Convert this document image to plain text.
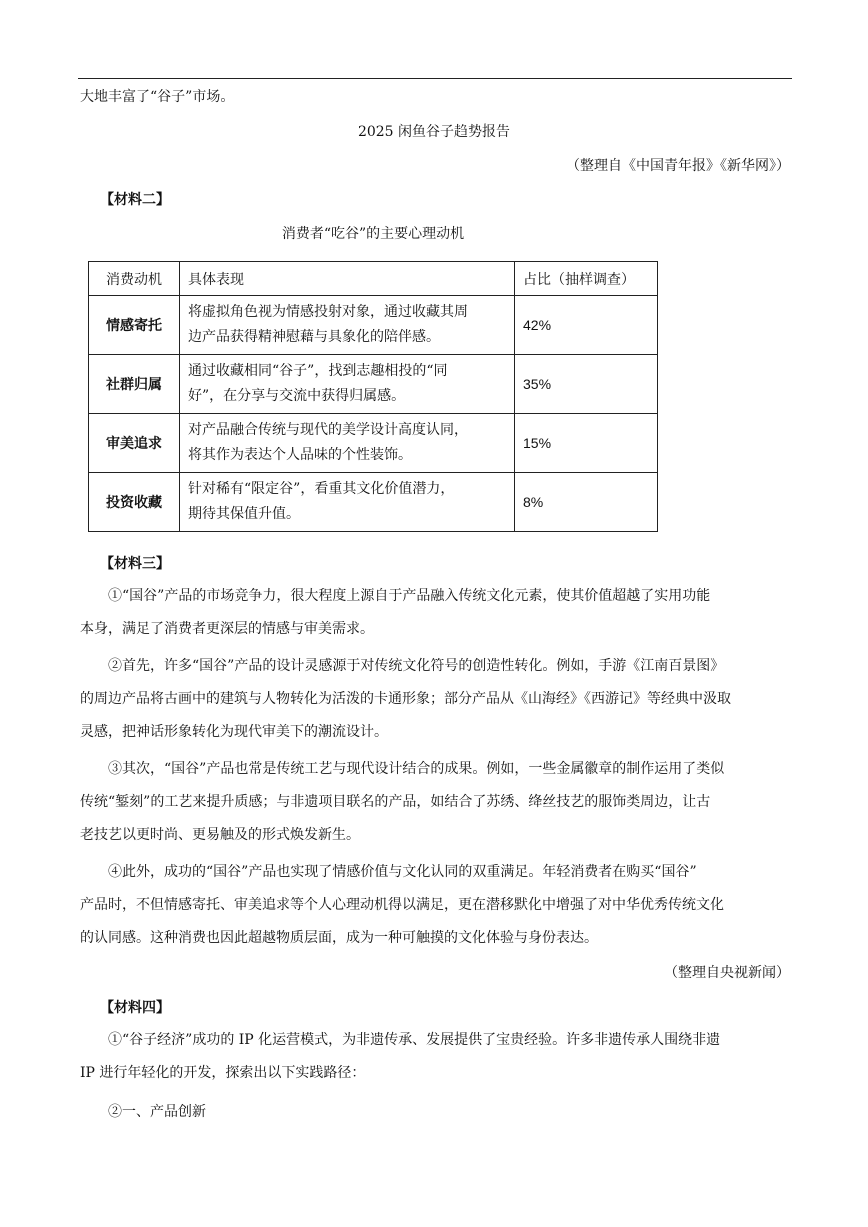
大地丰富了“谷子”市场。
2025 闲鱼谷子趋势报告
（整理自《中国青年报》《新华网》）
【材料二】
消费者“吃谷”的主要心理动机
消费动机	具体表现	占比（抽样调查）
情感寄托	将虚拟角色视为情感投射对象，通过收藏其周
边产品获得精神慰藉与具象化的陪伴感。	42%
社群归属	通过收藏相同“谷子”，找到志趣相投的“同
好”，在分享与交流中获得归属感。	35%
审美追求	对产品融合传统与现代的美学设计高度认同，
将其作为表达个人品味的个性装饰。	15%
投资收藏	针对稀有“限定谷”，看重其文化价值潜力，
期待其保值升值。	8%
【材料三】
①“国谷”产品的市场竞争力，很大程度上源自于产品融入传统文化元素，使其价值超越了实用功能
本身，满足了消费者更深层的情感与审美需求。
②首先，许多“国谷”产品的设计灵感源于对传统文化符号的创造性转化。例如，手游《江南百景图》
的周边产品将古画中的建筑与人物转化为活泼的卡通形象；部分产品从《山海经》《西游记》等经典中汲取
灵感，把神话形象转化为现代审美下的潮流设计。
③其次，“国谷”产品也常是传统工艺与现代设计结合的成果。例如，一些金属徽章的制作运用了类似
传统“錾刻”的工艺来提升质感；与非遗项目联名的产品，如结合了苏绣、绛丝技艺的服饰类周边，让古
老技艺以更时尚、更易触及的形式焕发新生。
④此外，成功的“国谷”产品也实现了情感价值与文化认同的双重满足。年轻消费者在购买“国谷”
产品时，不但情感寄托、审美追求等个人心理动机得以满足，更在潜移默化中增强了对中华优秀传统文化
的认同感。这种消费也因此超越物质层面，成为一种可触摸的文化体验与身份表达。
（整理自央视新闻）
【材料四】
①“谷子经济”成功的 IP 化运营模式，为非遗传承、发展提供了宝贵经验。许多非遗传承人围绕非遗
IP 进行年轻化的开发，探索出以下实践路径：
②一、产品创新
